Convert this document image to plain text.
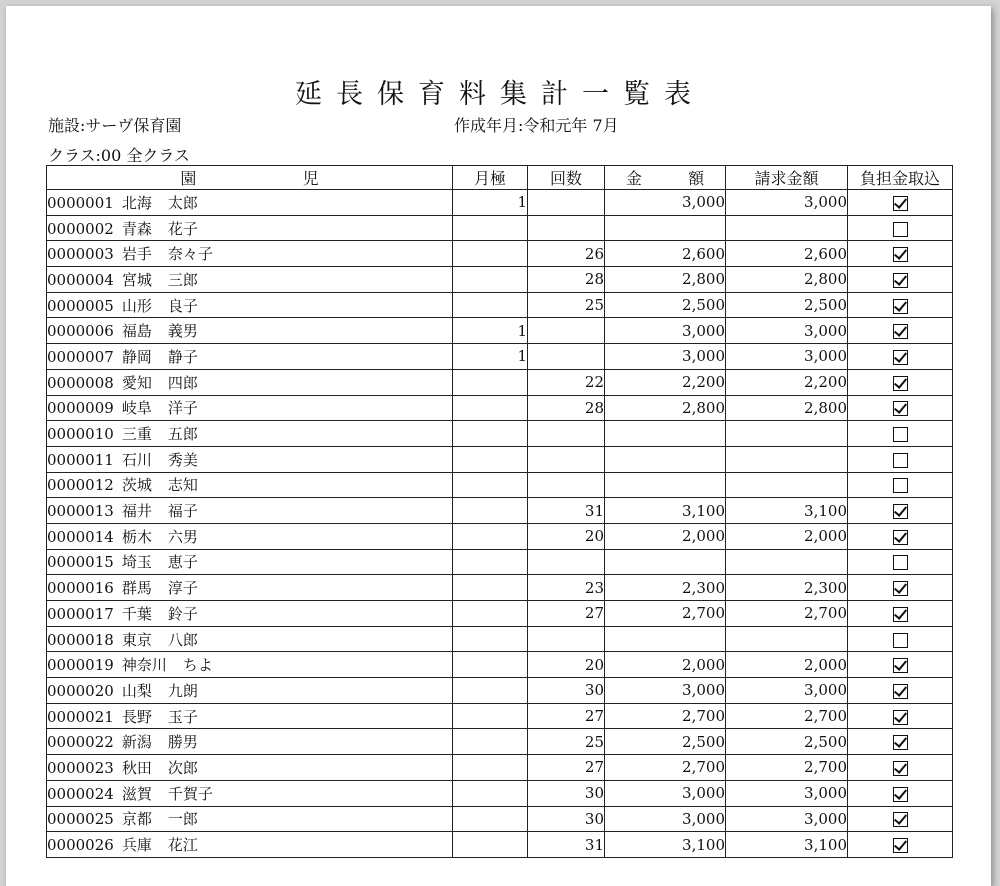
延長保育料集計一覧表
施設:サーヴ保育園	作成年月:令和元年 7月
クラス:00 全クラス
園 児	月極	回数	金 額	請求金額	負担金取込
0000001 北海 太郎	1		3,000	3,000	
0000002 青森 花子					
0000003 岩手 奈々子		26	2,600	2,600	
0000004 宮城 三郎		28	2,800	2,800	
0000005 山形 良子		25	2,500	2,500	
0000006 福島 義男	1		3,000	3,000	
0000007 静岡 静子	1		3,000	3,000	
0000008 愛知 四郎		22	2,200	2,200	
0000009 岐阜 洋子		28	2,800	2,800	
0000010 三重 五郎					
0000011 石川 秀美					
0000012 茨城 志知					
0000013 福井 福子		31	3,100	3,100	
0000014 栃木 六男		20	2,000	2,000	
0000015 埼玉 恵子					
0000016 群馬 淳子		23	2,300	2,300	
0000017 千葉 鈴子		27	2,700	2,700	
0000018 東京 八郎					
0000019 神奈川 ちよ		20	2,000	2,000	
0000020 山梨 九朗		30	3,000	3,000	
0000021 長野 玉子		27	2,700	2,700	
0000022 新潟 勝男		25	2,500	2,500	
0000023 秋田 次郎		27	2,700	2,700	
0000024 滋賀 千賀子		30	3,000	3,000	
0000025 京都 一郎		30	3,000	3,000	
0000026 兵庫 花江		31	3,100	3,100	
